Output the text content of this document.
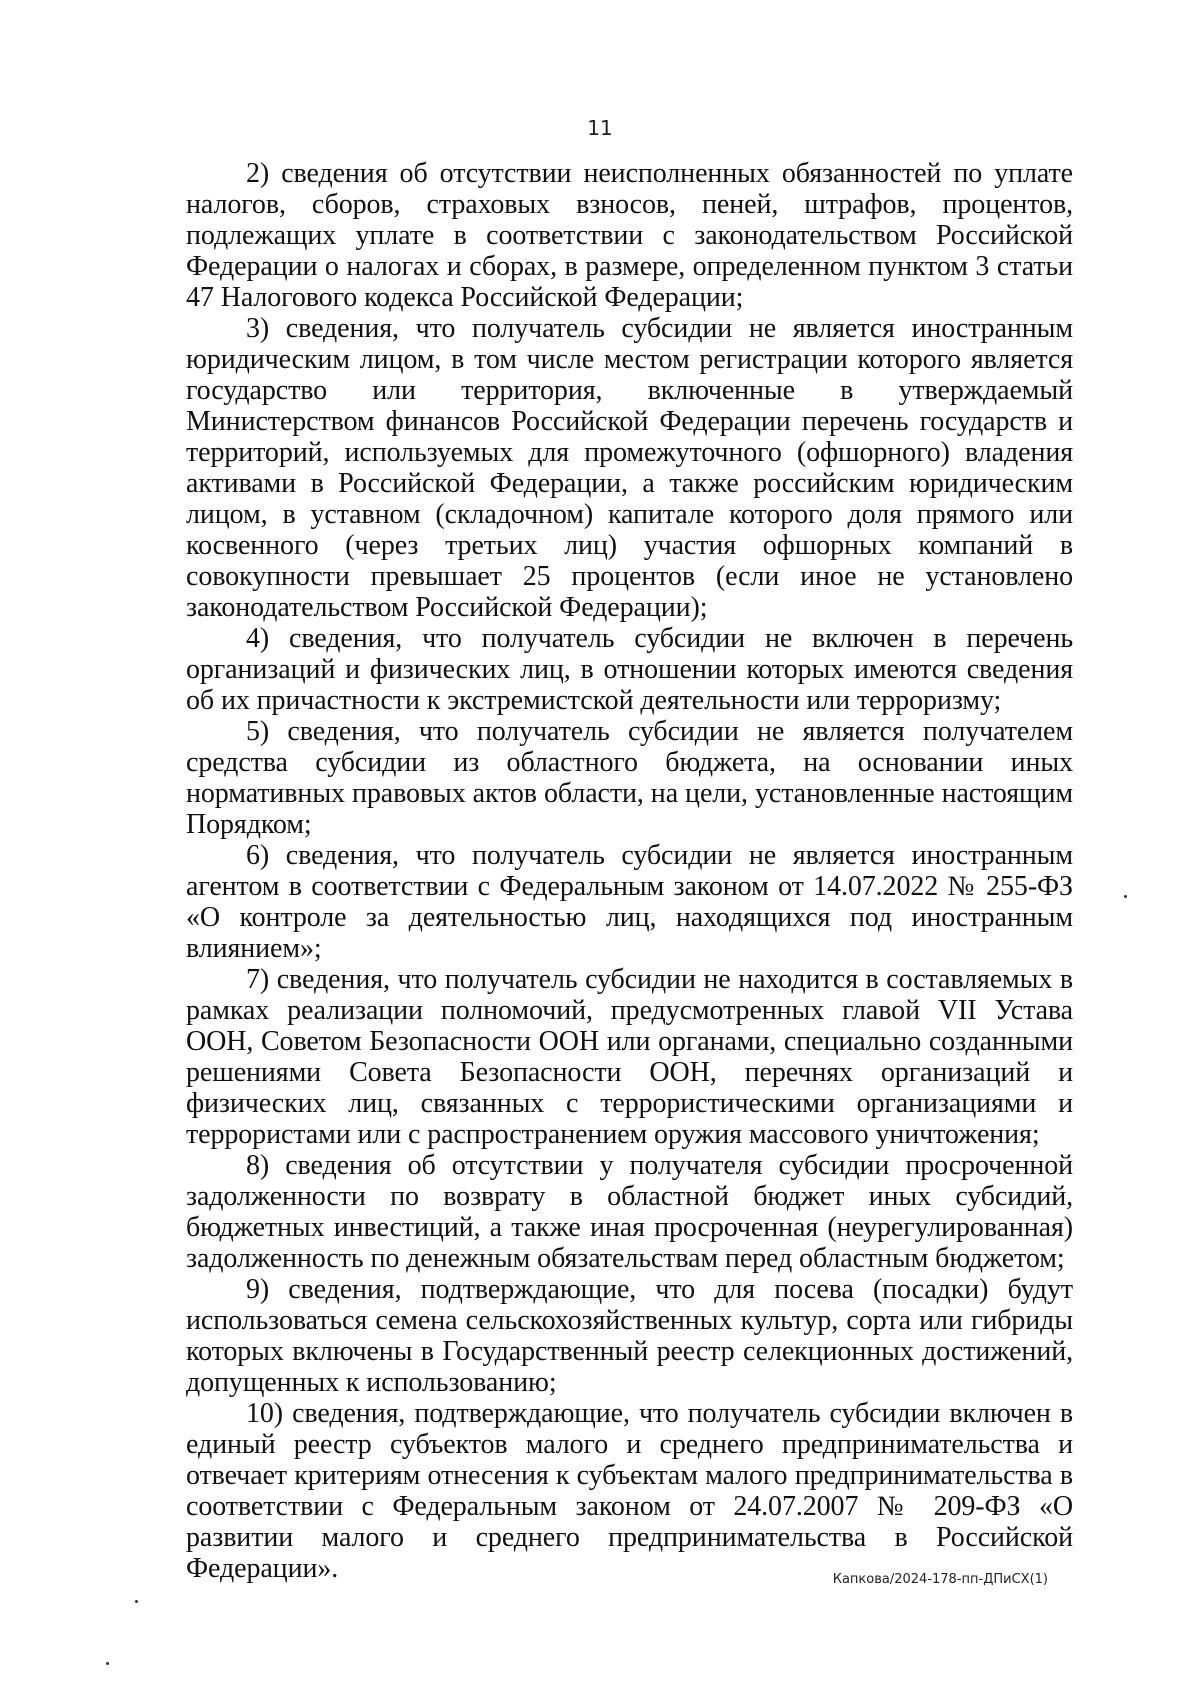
11

2) сведения об отсутствии неисполненных обязанностей по уплате налогов, сборов, страховых взносов, пеней, штрафов, процентов, подлежащих уплате в соответствии с законодательством Российской Федерации о налогах и сборах, в размере, определенном пунктом 3 статьи 47 Налогового кодекса Российской Федерации;

3) сведения, что получатель субсидии не является иностранным юридическим лицом, в том числе местом регистрации которого является государство или территория, включенные в утверждаемый Министерством финансов Российской Федерации перечень государств и территорий, используемых для промежуточного (офшорного) владения активами в Российской Федерации, а также российским юридическим лицом, в уставном (складочном) капитале которого доля прямого или косвенного (через третьих лиц) участия офшорных компаний в совокупности превышает 25 процентов (если иное не установлено законодательством Российской Федерации);

4) сведения, что получатель субсидии не включен в перечень организаций и физических лиц, в отношении которых имеются сведения об их причастности к экстремистской деятельности или терроризму;

5) сведения, что получатель субсидии не является получателем средства субсидии из областного бюджета, на основании иных нормативных правовых актов области, на цели, установленные настоящим Порядком;

6) сведения, что получатель субсидии не является иностранным агентом в соответствии с Федеральным законом от 14.07.2022 № 255-ФЗ «О контроле за деятельностью лиц, находящихся под иностранным влиянием»;

7) сведения, что получатель субсидии не находится в составляемых в рамках реализации полномочий, предусмотренных главой VII Устава ООН, Советом Безопасности ООН или органами, специально созданными решениями Совета Безопасности ООН, перечнях организаций и физических лиц, связанных с террористическими организациями и террористами или с распространением оружия массового уничтожения;

8) сведения об отсутствии у получателя субсидии просроченной задолженности по возврату в областной бюджет иных субсидий, бюджетных инвестиций, а также иная просроченная (неурегулированная) задолженность по денежным обязательствам перед областным бюджетом;

9) сведения, подтверждающие, что для посева (посадки) будут использоваться семена сельскохозяйственных культур, сорта или гибриды которых включены в Государственный реестр селекционных достижений, допущенных к использованию;

10) сведения, подтверждающие, что получатель субсидии включен в единый реестр субъектов малого и среднего предпринимательства и отвечает критериям отнесения к субъектам малого предпринимательства в соответствии с Федеральным законом от 24.07.2007 № 209-ФЗ «О развитии малого и среднего предпринимательства в Российской Федерации».	Капкова/2024-178-пп-ДПиСХ(1)
